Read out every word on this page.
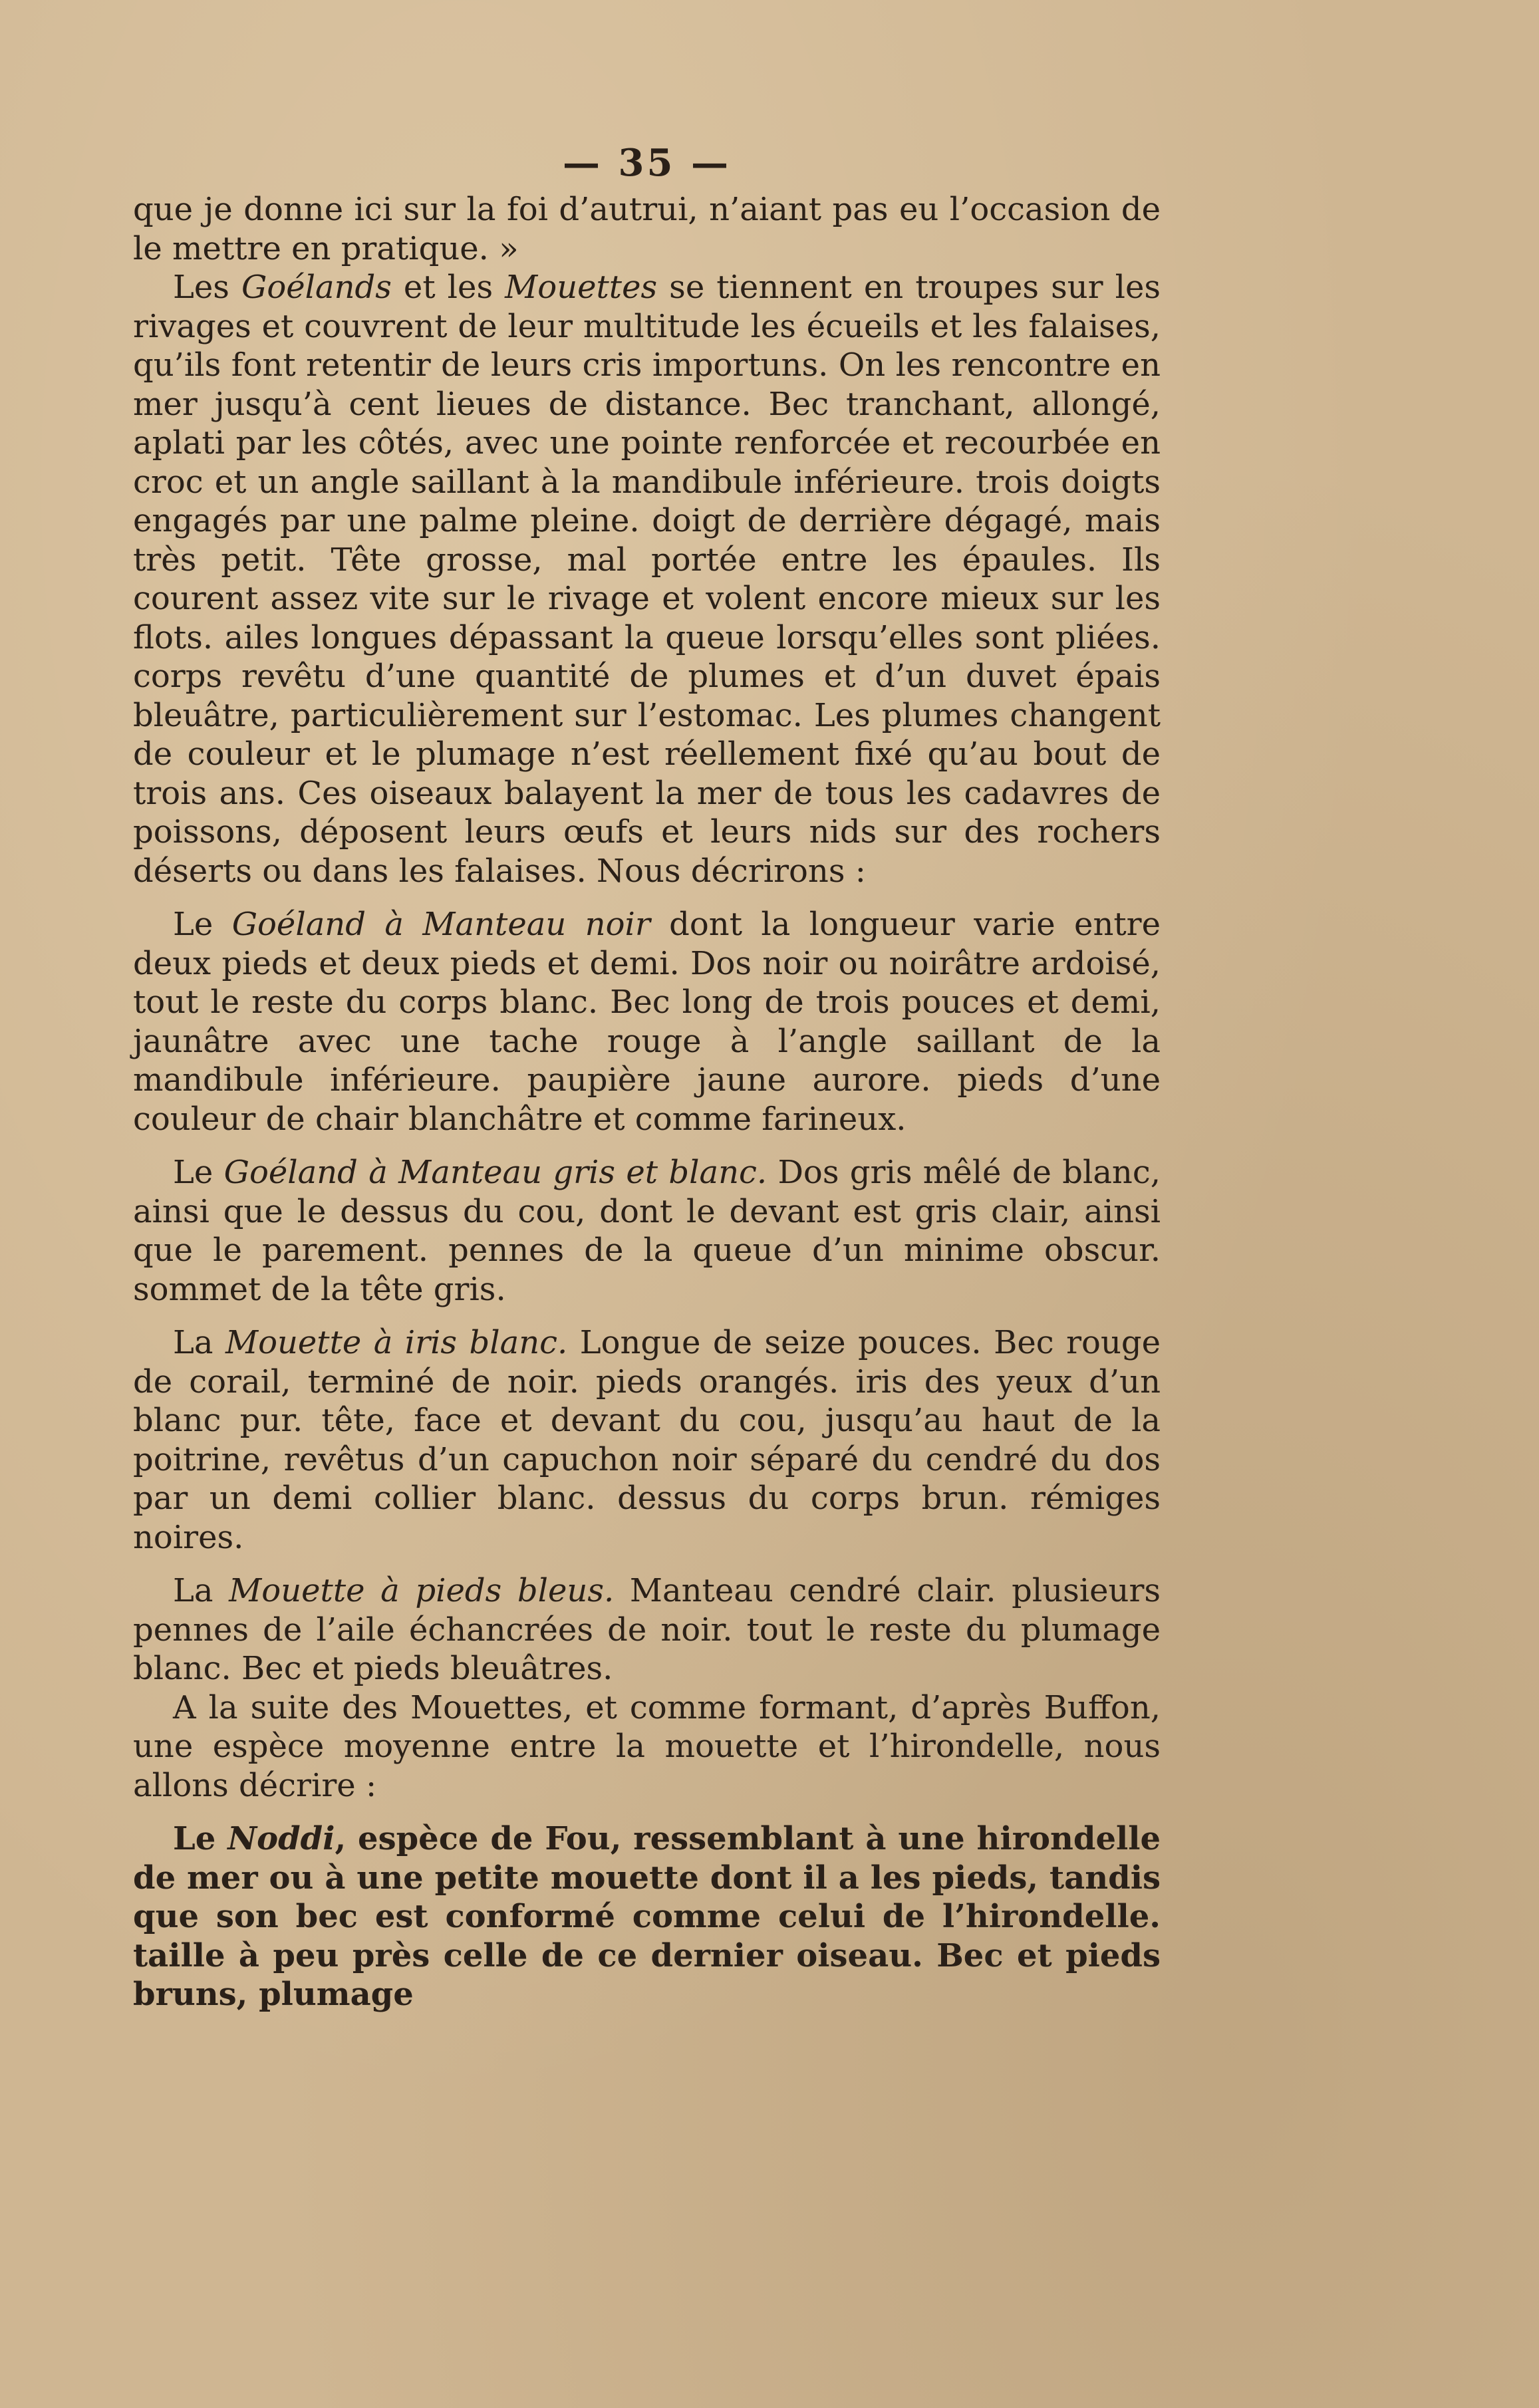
— 35 —

que je donne ici sur la foi d’autrui, n’aiant pas eu l’occasion de le mettre en pratique. »

Les Goélands et les Mouettes se tiennent en troupes sur les rivages et couvrent de leur multitude les écueils et les falaises, qu’ils font retentir de leurs cris importuns. On les rencontre en mer jusqu’à cent lieues de distance. Bec tranchant, allongé, aplati par les côtés, avec une pointe renforcée et recourbée en croc et un angle saillant à la mandibule inférieure. trois doigts engagés par une palme pleine. doigt de derrière dégagé, mais très petit. Tête grosse, mal portée entre les épaules. Ils courent assez vite sur le rivage et volent encore mieux sur les flots. ailes longues dépassant la queue lorsqu’elles sont pliées. corps revêtu d’une quantité de plumes et d’un duvet épais bleuâtre, particulièrement sur l’estomac. Les plumes changent de couleur et le plumage n’est réellement fixé qu’au bout de trois ans. Ces oiseaux balayent la mer de tous les cadavres de poissons, déposent leurs œufs et leurs nids sur des rochers déserts ou dans les falaises. Nous décrirons :

Le Goéland à Manteau noir dont la longueur varie entre deux pieds et deux pieds et demi. Dos noir ou noirâtre ardoisé, tout le reste du corps blanc. Bec long de trois pouces et demi, jaunâtre avec une tache rouge à l’angle saillant de la mandibule inférieure. paupière jaune aurore. pieds d’une couleur de chair blanchâtre et comme farineux.

Le Goéland à Manteau gris et blanc. Dos gris mêlé de blanc, ainsi que le dessus du cou, dont le devant est gris clair, ainsi que le parement. pennes de la queue d’un minime obscur. sommet de la tête gris.

La Mouette à iris blanc. Longue de seize pouces. Bec rouge de corail, terminé de noir. pieds orangés. iris des yeux d’un blanc pur. tête, face et devant du cou, jusqu’au haut de la poitrine, revêtus d’un capuchon noir séparé du cendré du dos par un demi collier blanc. dessus du corps brun. rémiges noires.

La Mouette à pieds bleus. Manteau cendré clair. plusieurs pennes de l’aile échancrées de noir. tout le reste du plumage blanc. Bec et pieds bleuâtres.

A la suite des Mouettes, et comme formant, d’après Buffon, une espèce moyenne entre la mouette et l’hirondelle, nous allons décrire :

Le Noddi, espèce de Fou, ressemblant à une hirondelle de mer ou à une petite mouette dont il a les pieds, tandis que son bec est conformé comme celui de l’hirondelle. taille à peu près celle de ce dernier oiseau. Bec et pieds bruns, plumage
